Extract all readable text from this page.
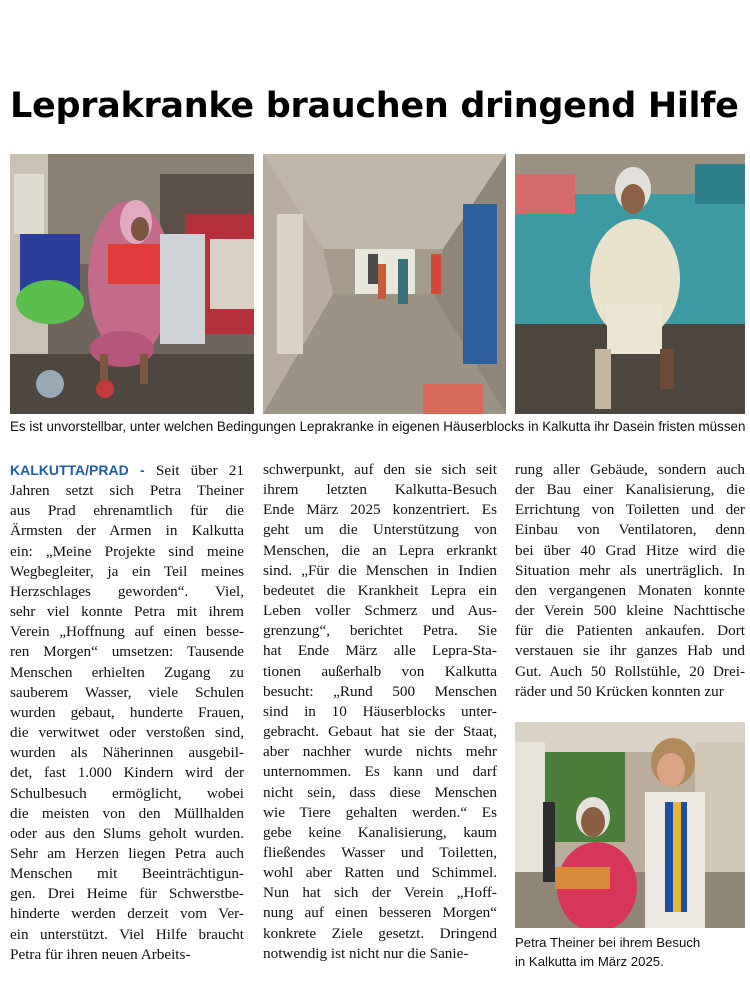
Leprakranke brauchen dringend Hilfe
Es ist unvorstellbar, unter welchen Bedingungen Leprakranke in eigenen Häuserblocks in Kalkutta ihr Dasein fristen müssen

KALKUTTA/PRAD - Seit über 21

Jahren setzt sich Petra Theiner

aus Prad ehrenamtlich für die

Ärmsten der Armen in Kalkutta

ein: „Meine Projekte sind meine

Wegbegleiter, ja ein Teil meines

Herzschlages geworden“. Viel,

sehr viel konnte Petra mit ihrem

Verein „Hoffnung auf einen besse-

ren Morgen“ umsetzen: Tausende

Menschen erhielten Zugang zu

sauberem Wasser, viele Schulen

wurden gebaut, hunderte Frauen,

die verwitwet oder verstoßen sind,

wurden als Näherinnen ausgebil-

det, fast 1.000 Kindern wird der

Schulbesuch ermöglicht, wobei

die meisten von den Müllhalden

oder aus den Slums geholt wurden.

Sehr am Herzen liegen Petra auch

Menschen mit Beeinträchtigun-

gen. Drei Heime für Schwerstbe-

hinderte werden derzeit vom Ver-

ein unterstützt. Viel Hilfe braucht

Petra für ihren neuen Arbeits-

schwerpunkt, auf den sie sich seit

ihrem letzten Kalkutta-Besuch

Ende März 2025 konzentriert. Es

geht um die Unterstützung von

Menschen, die an Lepra erkrankt

sind. „Für die Menschen in Indien

bedeutet die Krankheit Lepra ein

Leben voller Schmerz und Aus-

grenzung“, berichtet Petra. Sie

hat Ende März alle Lepra-Sta-

tionen außerhalb von Kalkutta

besucht: „Rund 500 Menschen

sind in 10 Häuserblocks unter-

gebracht. Gebaut hat sie der Staat,

aber nachher wurde nichts mehr

unternommen. Es kann und darf

nicht sein, dass diese Menschen

wie Tiere gehalten werden.“ Es

gebe keine Kanalisierung, kaum

fließendes Wasser und Toiletten,

wohl aber Ratten und Schimmel.

Nun hat sich der Verein „Hoff-

nung auf einen besseren Morgen“

konkrete Ziele gesetzt. Dringend

notwendig ist nicht nur die Sanie-

rung aller Gebäude, sondern auch

der Bau einer Kanalisierung, die

Errichtung von Toiletten und der

Einbau von Ventilatoren, denn

bei über 40 Grad Hitze wird die

Situation mehr als unerträglich. In

den vergangenen Monaten konnte

der Verein 500 kleine Nachttische

für die Patienten ankaufen. Dort

verstauen sie ihr ganzes Hab und

Gut. Auch 50 Rollstühle, 20 Drei-

räder und 50 Krücken konnten zur

Petra Theiner bei ihrem Besuch

in Kalkutta im März 2025.
